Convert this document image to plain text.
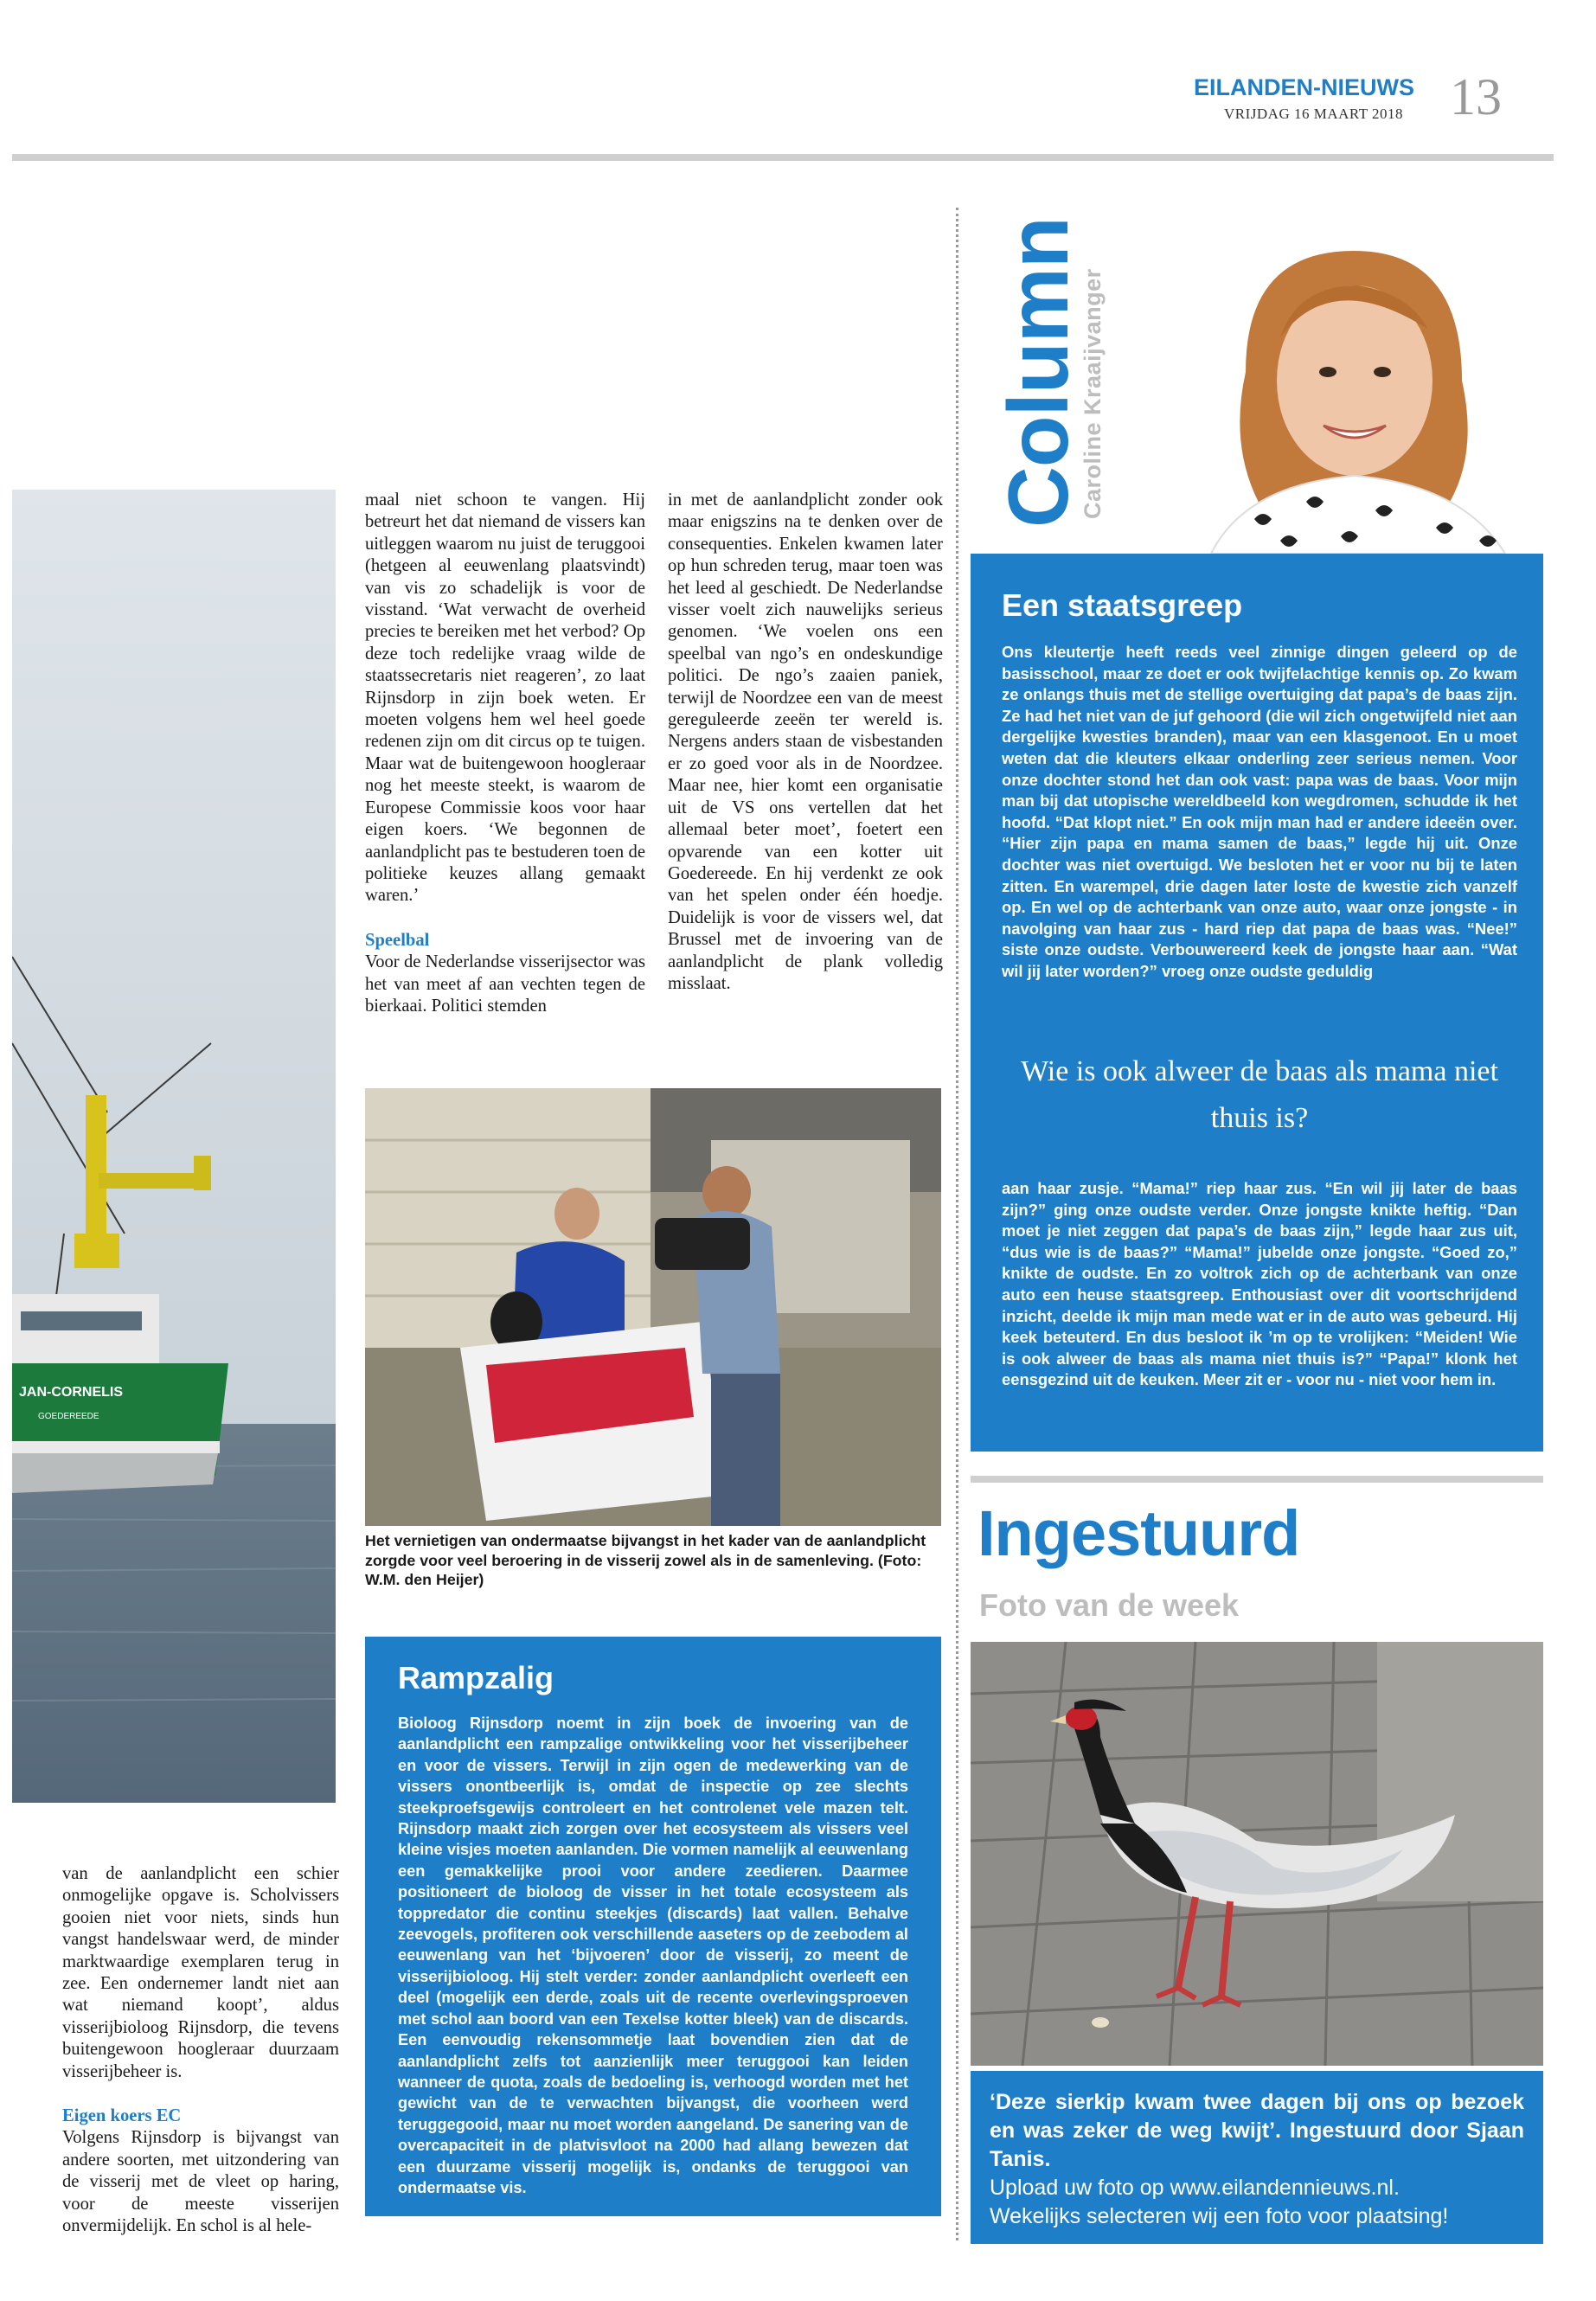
EILANDEN-NIEUWS
VRIJDAG 16 MAART 2018 13
JAN-CORNELIS
GOEDEREEDE

maal niet schoon te vangen. Hij betreurt het dat niemand de vissers kan uitleggen waarom nu juist de teruggooi (hetgeen al eeuwenlang plaatsvindt) van vis zo schadelijk is voor de visstand. ‘Wat verwacht de overheid precies te bereiken met het verbod? Op deze toch redelijke vraag wilde de staatssecretaris niet reageren’, zo laat Rijnsdorp in zijn boek weten. Er moeten volgens hem wel heel goede redenen zijn om dit circus op te tuigen. Maar wat de buitengewoon hoogleraar nog het meeste steekt, is waarom de Europese Commissie koos voor haar eigen koers. ‘We begonnen de aanlandplicht pas te bestuderen toen de politieke keuzes allang gemaakt waren.’

Speelbal

Voor de Nederlandse visserijsector was het van meet af aan vechten tegen de bierkaai. Politici stemden

in met de aanlandplicht zonder ook maar enigszins na te denken over de consequenties. Enkelen kwamen later op hun schreden terug, maar toen was het leed al geschiedt. De Nederlandse visser voelt zich nauwelijks serieus genomen. ‘We voelen ons een speelbal van ngo’s en ondeskundige politici. De ngo’s zaaien paniek, terwijl de Noordzee een van de meest gereguleerde zeeën ter wereld is. Nergens anders staan de visbestanden er zo goed voor als in de Noordzee. Maar nee, hier komt een organisatie uit de VS ons vertellen dat het allemaal beter moet’, foetert een opvarende van een kotter uit Goedereede. En hij verdenkt ze ook van het spelen onder één hoedje. Duidelijk is voor de vissers wel, dat Brussel met de invoering van de aanlandplicht de plank volledig misslaat.

Het vernietigen van ondermaatse bijvangst in het kader van de aanlandplicht zorgde voor veel beroering in de visserij zowel als in de samenleving. (Foto: W.M. den Heijer)
Rampzalig
Bioloog Rijnsdorp noemt in zijn boek de invoering van de aanlandplicht een rampzalige ontwikkeling voor het visserijbeheer en voor de vissers. Terwijl in zijn ogen de medewerking van de vissers onontbeerlijk is, omdat de inspectie op zee slechts steekproefsgewijs controleert en het controlenet vele mazen telt. Rijnsdorp maakt zich zorgen over het ecosysteem als vissers veel kleine visjes moeten aanlanden. Die vormen namelijk al eeuwenlang een gemakkelijke prooi voor andere zeedieren. Daarmee positioneert de bioloog de visser in het totale ecosysteem als toppredator die continu steekjes (discards) laat vallen. Behalve zeevogels, profiteren ook verschillende aaseters op de zeebodem al eeuwenlang van het ‘bijvoeren’ door de visserij, zo meent de visserijbioloog. Hij stelt verder: zonder aanlandplicht overleeft een deel (mogelijk een derde, zoals uit de recente overlevingsproeven met schol aan boord van een Texelse kotter bleek) van de discards. Een eenvoudig rekensommetje laat bovendien zien dat de aanlandplicht zelfs tot aanzienlijk meer teruggooi kan leiden wanneer de quota, zoals de bedoeling is, verhoogd worden met het gewicht van de te verwachten bijvangst, die voorheen werd teruggegooid, maar nu moet worden aangeland. De sanering van de overcapaciteit in de platvisvloot na 2000 had allang bewezen dat een duurzame visserij mogelijk is, ondanks de teruggooi van ondermaatse vis.

van de aanlandplicht een schier onmogelijke opgave is. Scholvissers gooien niet voor niets, sinds hun vangst handelswaar werd, de minder marktwaardige exemplaren terug in zee. Een ondernemer landt niet aan wat niemand koopt’, aldus visserijbioloog Rijnsdorp, die tevens buitengewoon hoogleraar duurzaam visserijbeheer is.

Eigen koers EC

Volgens Rijnsdorp is bijvangst van andere soorten, met uitzondering van de visserij met de vleet op haring, voor de meeste visserijen onvermijdelijk. En schol is al hele-

Column
Caroline Kraaijvanger
Een staatsgreep
Ons kleutertje heeft reeds veel zinnige dingen geleerd op de basisschool, maar ze doet er ook twijfelachtige kennis op. Zo kwam ze onlangs thuis met de stellige overtuiging dat papa’s de baas zijn. Ze had het niet van de juf gehoord (die wil zich ongetwijfeld niet aan dergelijke kwesties branden), maar van een klasgenoot. En u moet weten dat die kleuters elkaar onderling zeer serieus nemen. Voor onze dochter stond het dan ook vast: papa was de baas. Voor mijn man bij dat utopische wereldbeeld kon wegdromen, schudde ik het hoofd. “Dat klopt niet.” En ook mijn man had er andere ideeën over. “Hier zijn papa en mama samen de baas,” legde hij uit. Onze dochter was niet overtuigd. We besloten het er voor nu bij te laten zitten. En warempel, drie dagen later loste de kwestie zich vanzelf op. En wel op de achterbank van onze auto, waar onze jongste - in navolging van haar zus - hard riep dat papa de baas was. “Nee!” siste onze oudste. Verbouwereerd keek de jongste haar aan. “Wat wil jij later worden?” vroeg onze oudste geduldig
Wie is ook alweer de baas als mama niet thuis is?
aan haar zusje. “Mama!” riep haar zus. “En wil jij later de baas zijn?” ging onze oudste verder. Onze jongste knikte heftig. “Dan moet je niet zeggen dat papa’s de baas zijn,” legde haar zus uit, “dus wie is de baas?” “Mama!” jubelde onze jongste. “Goed zo,” knikte de oudste. En zo voltrok zich op de achterbank van onze auto een heuse staatsgreep. Enthousiast over dit voortschrijdend inzicht, deelde ik mijn man mede wat er in de auto was gebeurd. Hij keek beteuterd. En dus besloot ik ’m op te vrolijken: “Meiden! Wie is ook alweer de baas als mama niet thuis is?” “Papa!” klonk het eensgezind uit de keuken. Meer zit er - voor nu - niet voor hem in.
Ingestuurd
Foto van de week
‘Deze sierkip kwam twee dagen bij ons op bezoek en was zeker de weg kwijt’. Ingestuurd door Sjaan Tanis.
Upload uw foto op www.eilandennieuws.nl.
Wekelijks selecteren wij een foto voor plaatsing!
